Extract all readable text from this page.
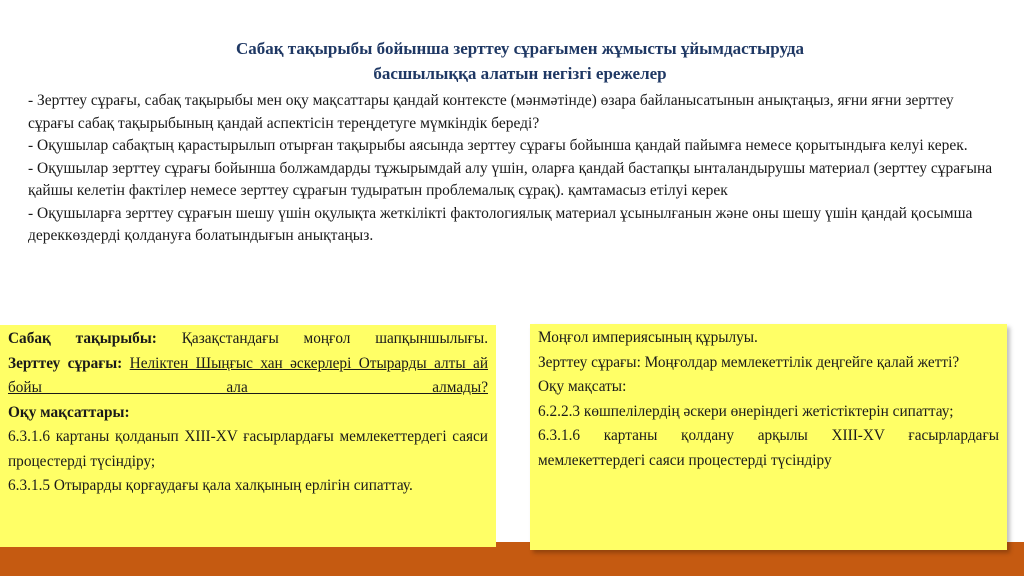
Сабақ тақырыбы бойынша зерттеу сұрағымен жұмысты ұйымдастыруда
басшылыққа алатын негізгі ережелер

- Зерттеу сұрағы, сабақ тақырыбы мен оқу мақсаттары қандай контексте (мәнмәтінде) өзара байланысатынын анықтаңыз, яғни яғни зерттеу сұрағы сабақ тақырыбының қандай аспектісін тереңдетуге мүмкіндік береді?

- Оқушылар сабақтың қарастырылып отырған тақырыбы аясында зерттеу сұрағы бойынша қандай пайымға немесе қорытындыға келуі керек.

- Оқушылар зерттеу сұрағы бойынша болжамдарды тұжырымдай алу үшін, оларға қандай бастапқы ынталандырушы материал (зерттеу сұрағына қайшы келетін фактілер немесе зерттеу сұрағын тудыратын проблемалық сұрақ). қамтамасыз етілуі керек

- Оқушыларға зерттеу сұрағын шешу үшін оқулықта жеткілікті фактологиялық материал ұсынылғанын және оны шешу үшін қандай қосымша дереккөздерді қолдануға болатындығын анықтаңыз.

Сабақ тақырыбы: Қазақстандағы моңғол шапқыншылығы.
Зерттеу сұрағы: Неліктен Шыңғыс хан әскерлері Отырарды алты ай бойы ала алмады?
Оқу мақсаттары:
6.3.1.6 картаны қолданып XIII-XV ғасырлардағы мемлекеттердегі саяси процестерді түсіндіру;
6.3.1.5 Отырарды қорғаудағы қала халқының ерлігін сипаттау.
Моңғол империясының құрылуы.
Зерттеу сұрағы: Моңғолдар мемлекеттілік деңгейге қалай жетті?
Оқу мақсаты:
6.2.2.3 көшпелілердің әскери өнеріндегі жетістіктерін сипаттау;
6.3.1.6 картаны қолдану арқылы XIII-XV ғасырлардағы мемлекеттердегі саяси процестерді түсіндіру
